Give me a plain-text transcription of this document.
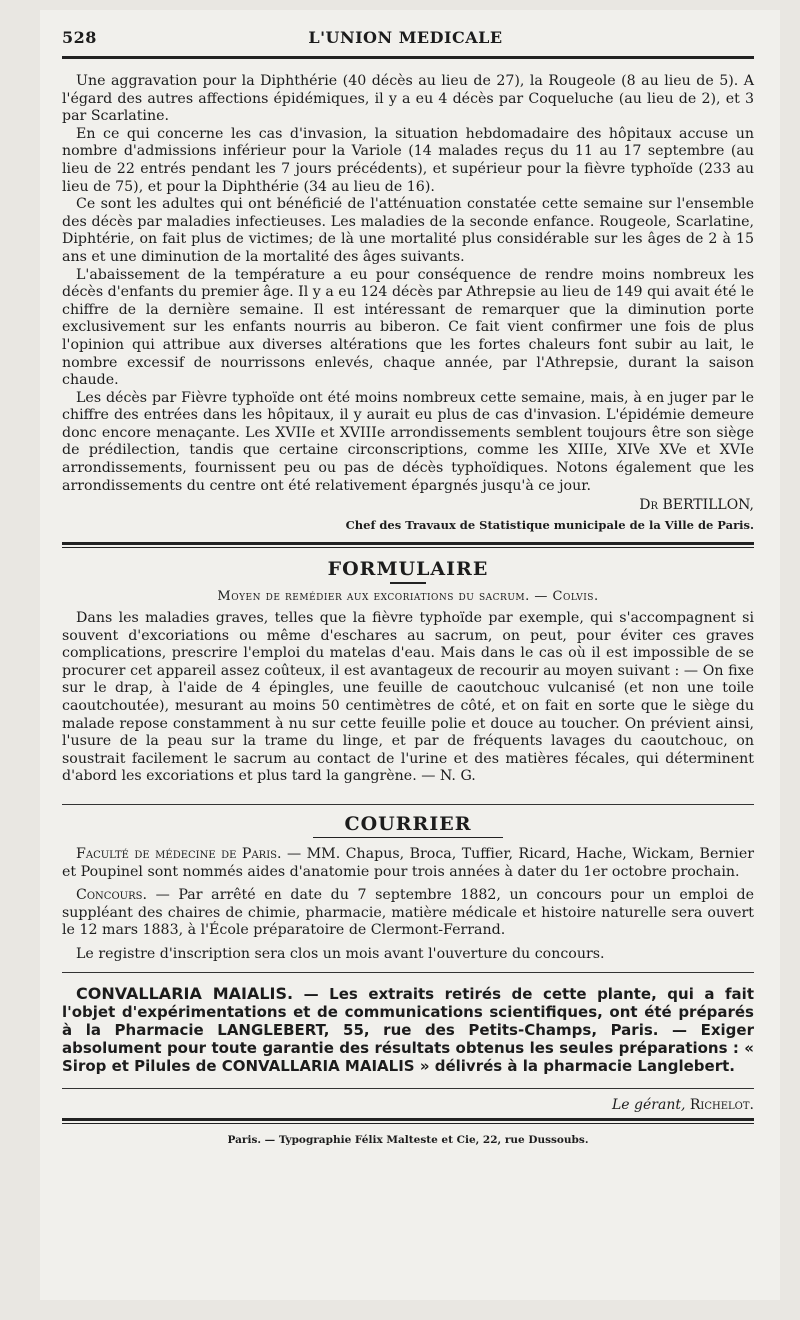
528	L'UNION MEDICALE

Une aggravation pour la Diphthérie (40 décès au lieu de 27), la Rougeole (8 au lieu de 5). A l'égard des autres affections épidémiques, il y a eu 4 décès par Coqueluche (au lieu de 2), et 3 par Scarlatine.

En ce qui concerne les cas d'invasion, la situation hebdomadaire des hôpitaux accuse un nombre d'admissions inférieur pour la Variole (14 malades reçus du 11 au 17 septembre (au lieu de 22 entrés pendant les 7 jours précédents), et supérieur pour la fièvre typhoïde (233 au lieu de 75), et pour la Diphthérie (34 au lieu de 16).

Ce sont les adultes qui ont bénéficié de l'atténuation constatée cette semaine sur l'ensemble des décès par maladies infectieuses. Les maladies de la seconde enfance. Rougeole, Scarlatine, Diphtérie, on fait plus de victimes; de là une mortalité plus considérable sur les âges de 2 à 15 ans et une diminution de la mortalité des âges suivants.

L'abaissement de la température a eu pour conséquence de rendre moins nombreux les décès d'enfants du premier âge. Il y a eu 124 décès par Athrepsie au lieu de 149 qui avait été le chiffre de la dernière semaine. Il est intéressant de remarquer que la diminution porte exclusivement sur les enfants nourris au biberon. Ce fait vient confirmer une fois de plus l'opinion qui attribue aux diverses altérations que les fortes chaleurs font subir au lait, le nombre excessif de nourrissons enlevés, chaque année, par l'Athrepsie, durant la saison chaude.

Les décès par Fièvre typhoïde ont été moins nombreux cette semaine, mais, à en juger par le chiffre des entrées dans les hôpitaux, il y aurait eu plus de cas d'invasion. L'épidémie demeure donc encore menaçante. Les XVIIe et XVIIIe arrondissements semblent toujours être son siège de prédilection, tandis que certaine circonscriptions, comme les XIIIe, XIVe XVe et XVIe arrondissements, fournissent peu ou pas de décès typhoïdiques. Notons également que les arrondissements du centre ont été relativement épargnés jusqu'à ce jour.

Dr BERTILLON,

Chef des Travaux de Statistique municipale de la Ville de Paris.

FORMULAIRE

Moyen de remédier aux excoriations du sacrum. — Colvis.

Dans les maladies graves, telles que la fièvre typhoïde par exemple, qui s'accompagnent si souvent d'excoriations ou même d'eschares au sacrum, on peut, pour éviter ces graves complications, prescrire l'emploi du matelas d'eau. Mais dans le cas où il est impossible de se procurer cet appareil assez coûteux, il est avantageux de recourir au moyen suivant : — On fixe sur le drap, à l'aide de 4 épingles, une feuille de caoutchouc vulcanisé (et non une toile caoutchoutée), mesurant au moins 50 centimètres de côté, et on fait en sorte que le siège du malade repose constamment à nu sur cette feuille polie et douce au toucher. On prévient ainsi, l'usure de la peau sur la trame du linge, et par de fréquents lavages du caoutchouc, on soustrait facilement le sacrum au contact de l'urine et des matières fécales, qui déterminent d'abord les excoriations et plus tard la gangrène. — N. G.

COURRIER

Faculté de médecine de Paris. — MM. Chapus, Broca, Tuffier, Ricard, Hache, Wickam, Bernier et Poupinel sont nommés aides d'anatomie pour trois années à dater du 1er octobre prochain.

Concours. — Par arrêté en date du 7 septembre 1882, un concours pour un emploi de suppléant des chaires de chimie, pharmacie, matière médicale et histoire naturelle sera ouvert le 12 mars 1883, à l'École préparatoire de Clermont-Ferrand.

Le registre d'inscription sera clos un mois avant l'ouverture du concours.

CONVALLARIA MAIALIS. — Les extraits retirés de cette plante, qui a fait l'objet d'expérimentations et de communications scientifiques, ont été préparés à la Pharmacie LANGLEBERT, 55, rue des Petits-Champs, Paris. — Exiger absolument pour toute garantie des résultats obtenus les seules préparations : « Sirop et Pilules de CONVALLARIA MAIALIS » délivrés à la pharmacie Langlebert.

Le gérant, Richelot.

Paris. — Typographie Félix Malteste et Cie, 22, rue Dussoubs.
